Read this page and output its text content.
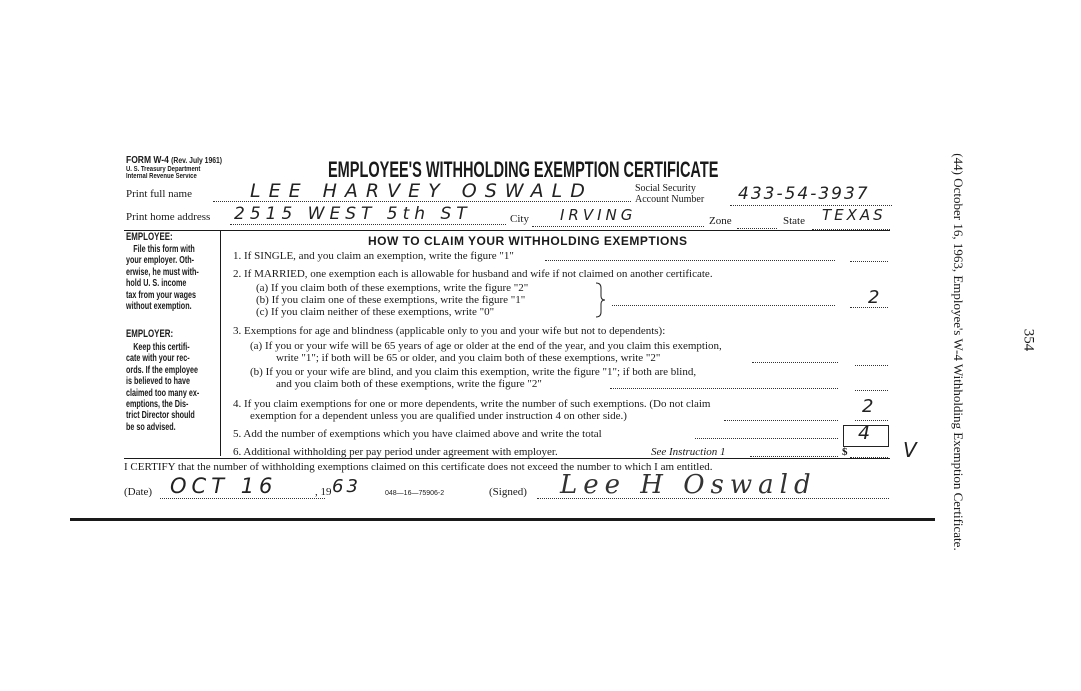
FORM W-4 (Rev. July 1961)
U. S. Treasury Department
Internal Revenue Service	EMPLOYEE'S WITHHOLDING EXEMPTION CERTIFICATE
Print full name	LEE HARVEY OSWALD	Social Security
Account Number 433-54-3937
Print home address 2515 WEST 5th ST	City IRVING	Zone	State TEXAS
EMPLOYEE:
File this form with
your employer. Oth-
erwise, he must with-
hold U. S. income
tax from your wages
without exemption.
EMPLOYER:
Keep this certifi-
cate with your rec-
ords. If the employee
is believed to have
claimed too many ex-
emptions, the Dis-
trict Director should
be so advised.
HOW TO CLAIM YOUR WITHHOLDING EXEMPTIONS
1. If SINGLE, and you claim an exemption, write the figure "1"
2. If MARRIED, one exemption each is allowable for husband and wife if not claimed on another certificate.
(a) If you claim both of these exemptions, write the figure "2"
(b) If you claim one of these exemptions, write the figure "1"
(c) If you claim neither of these exemptions, write "0"
2
3. Exemptions for age and blindness (applicable only to you and your wife but not to dependents):
(a) If you or your wife will be 65 years of age or older at the end of the year, and you claim this exemption,
write "1"; if both will be 65 or older, and you claim both of these exemptions, write "2"
(b) If you or your wife are blind, and you claim this exemption, write the figure "1"; if both are blind,
and you claim both of these exemptions, write the figure "2"
4. If you claim exemptions for one or more dependents, write the number of such exemptions. (Do not claim
exemption for a dependent unless you are qualified under instruction 4 on other side.)	2
5. Add the number of exemptions which you have claimed above and write the total	4
6. Additional withholding per pay period under agreement with employer.	See Instruction 1	$	V
I CERTIFY that the number of withholding exemptions claimed on this certificate does not exceed the number to which I am entitled.
(Date) OCT 16	, 19 63	048—16—75906-2	(Signed) Lee H Oswald
354
(44) October 16, 1963, Employee's W-4 Withholding Exemption Certificate.
